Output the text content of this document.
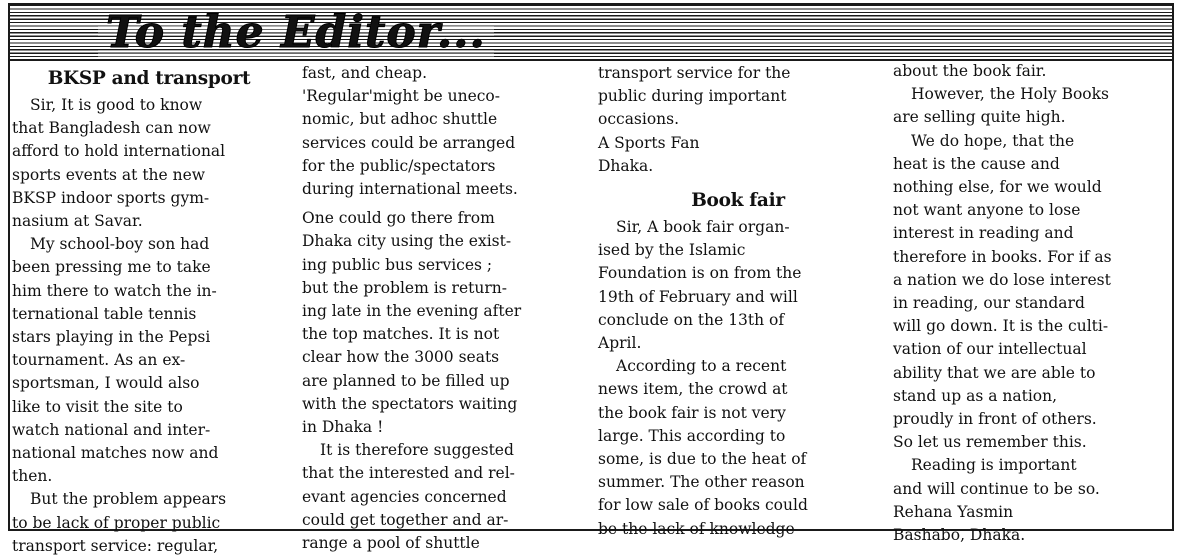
To the Editor...
BKSP and transport

Sir, It is good to know

that Bangladesh can now

afford to hold international

sports events at the new

BKSP indoor sports gym-

nasium at Savar.

My school-boy son had

been pressing me to take

him there to watch the in-

ternational table tennis

stars playing in the Pepsi

tournament. As an ex-

sportsman, I would also

like to visit the site to

watch national and inter-

national matches now and

then.

But the problem appears

to be lack of proper public

transport service: regular,

fast, and cheap.

'Regular'might be uneco-

nomic, but adhoc shuttle

services could be arranged

for the public/spectators

during international meets.

One could go there from

Dhaka city using the exist-

ing public bus services ;

but the problem is return-

ing late in the evening after

the top matches. It is not

clear how the 3000 seats

are planned to be filled up

with the spectators waiting

in Dhaka !

It is therefore suggested

that the interested and rel-

evant agencies concerned

could get together and ar-

range a pool of shuttle

transport service for the

public during important

occasions.

A Sports Fan

Dhaka.

Book fair

Sir, A book fair organ-

ised by the Islamic

Foundation is on from the

19th of February and will

conclude on the 13th of

April.

According to a recent

news item, the crowd at

the book fair is not very

large. This according to

some, is due to the heat of

summer. The other reason

for low sale of books could

be the lack of knowledge

about the book fair.

However, the Holy Books

are selling quite high.

We do hope, that the

heat is the cause and

nothing else, for we would

not want anyone to lose

interest in reading and

therefore in books. For if as

a nation we do lose interest

in reading, our standard

will go down. It is the culti-

vation of our intellectual

ability that we are able to

stand up as a nation,

proudly in front of others.

So let us remember this.

Reading is important

and will continue to be so.

Rehana Yasmin

Bashabo, Dhaka.
